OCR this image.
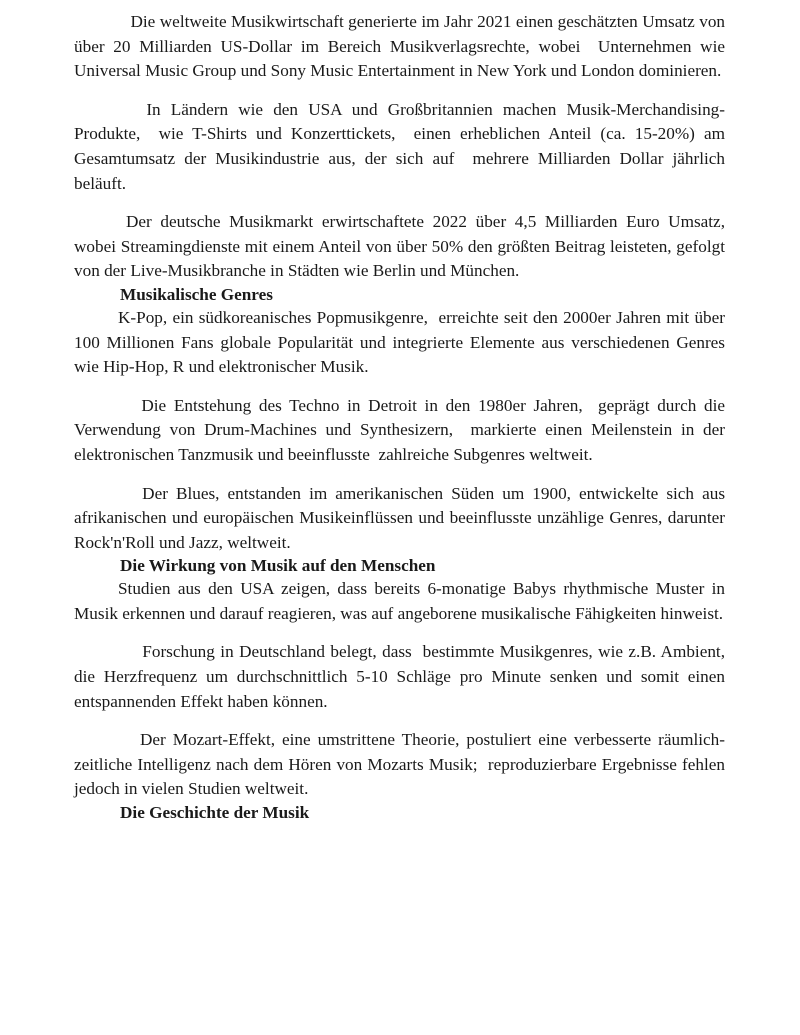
Die weltweite Musikwirtschaft generierte im Jahr 2021 einen geschätzten Umsatz von über 20 Milliarden US-Dollar im Bereich Musikverlagsrechte, wobei  Unternehmen wie Universal Music Group und Sony Music Entertainment in New York und London dominieren.

In Ländern wie den USA und Großbritannien machen Musik-Merchandising-Produkte,  wie T-Shirts und Konzerttickets,  einen erheblichen Anteil (ca. 15-20%) am Gesamtumsatz der Musikindustrie aus, der sich auf  mehrere Milliarden Dollar jährlich beläuft.

Der deutsche Musikmarkt erwirtschaftete 2022 über 4,5 Milliarden Euro Umsatz, wobei Streamingdienste mit einem Anteil von über 50% den größten Beitrag leisteten, gefolgt von der Live-Musikbranche in Städten wie Berlin und München.

Musikalische Genres

K-Pop, ein südkoreanisches Popmusikgenre,  erreichte seit den 2000er Jahren mit über 100 Millionen Fans globale Popularität und integrierte Elemente aus verschiedenen Genres wie Hip-Hop, R und elektronischer Musik.

Die Entstehung des Techno in Detroit in den 1980er Jahren,  geprägt durch die Verwendung von Drum-Machines und Synthesizern,  markierte einen Meilenstein in der elektronischen Tanzmusik und beeinflusste  zahlreiche Subgenres weltweit.

Der Blues, entstanden im amerikanischen Süden um 1900, entwickelte sich aus afrikanischen und europäischen Musikeinflüssen und beeinflusste unzählige Genres, darunter Rock'n'Roll und Jazz, weltweit.

Die Wirkung von Musik auf den Menschen

Studien aus den USA zeigen, dass bereits 6-monatige Babys rhythmische Muster in Musik erkennen und darauf reagieren, was auf angeborene musikalische Fähigkeiten hinweist.

Forschung in Deutschland belegt, dass  bestimmte Musikgenres, wie z.B. Ambient, die Herzfrequenz um durchschnittlich 5-10 Schläge pro Minute senken und somit einen entspannenden Effekt haben können.

Der Mozart-Effekt, eine umstrittene Theorie, postuliert eine verbesserte räumlich-zeitliche Intelligenz nach dem Hören von Mozarts Musik;  reproduzierbare Ergebnisse fehlen jedoch in vielen Studien weltweit.

Die Geschichte der Musik
